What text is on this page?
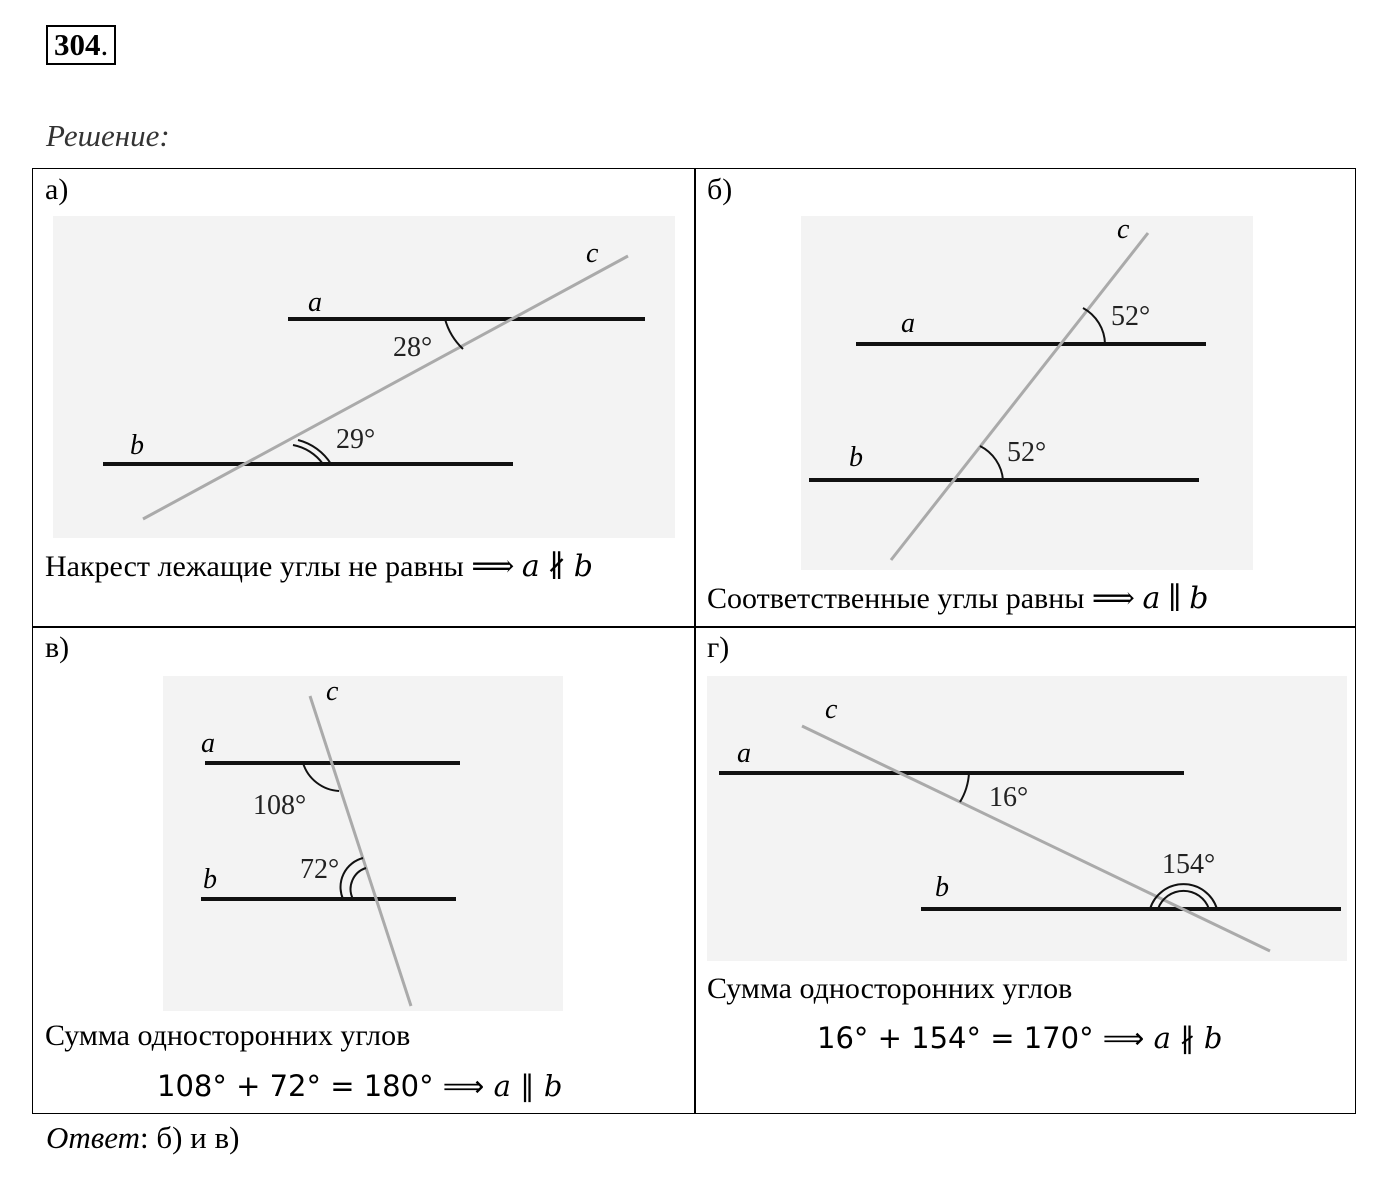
304.
Решение:
а)
a
b
c
28°
29°
Накрест лежащие углы не равны ⟹ a ∦ b
б)
a
b
c
52°
52°
Соответственные углы равны ⟹ a ∥ b
в)
a
b
c
108°
72°
Сумма односторонних углов
108° + 72° = 180° ⟹ a ∥ b
г)
a
b
c
16°
154°
Сумма односторонних углов
16° + 154° = 170° ⟹ a ∦ b
Ответ: б) и в)
